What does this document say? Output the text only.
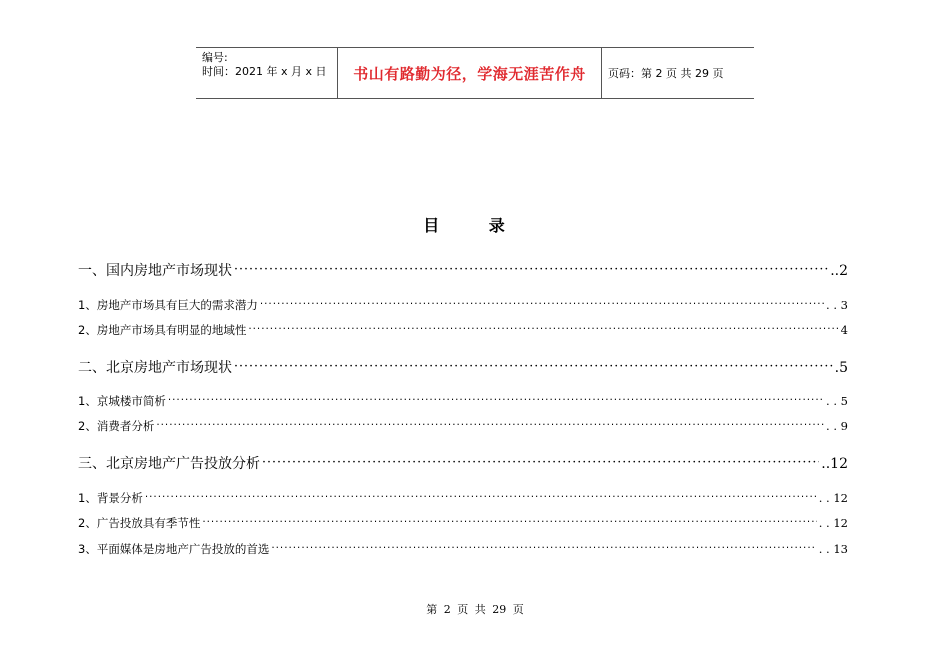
编号:
时间：2021 年 x 月 x 日	书山有路勤为径，学海无涯苦作舟 页码：第 2 页 共 29 页
目 录
一、国内房地产市场现状 ·····	..2
1、房地产市场具有巨大的需求潜力 ·····	. . 3
2、房地产市场具有明显的地域性 ·····	4
二、北京房地产市场现状 ·····	.5
1、京城楼市简析 ·····	. . 5
2、消费者分析 ·····	. . 9
三、北京房地产广告投放分析 ·····	..12
1、背景分析 ·····	. . 12
2、广告投放具有季节性 ·····	. . 12
3、平面媒体是房地产广告投放的首选 ·····	. . 13
第 2 页 共 29 页
